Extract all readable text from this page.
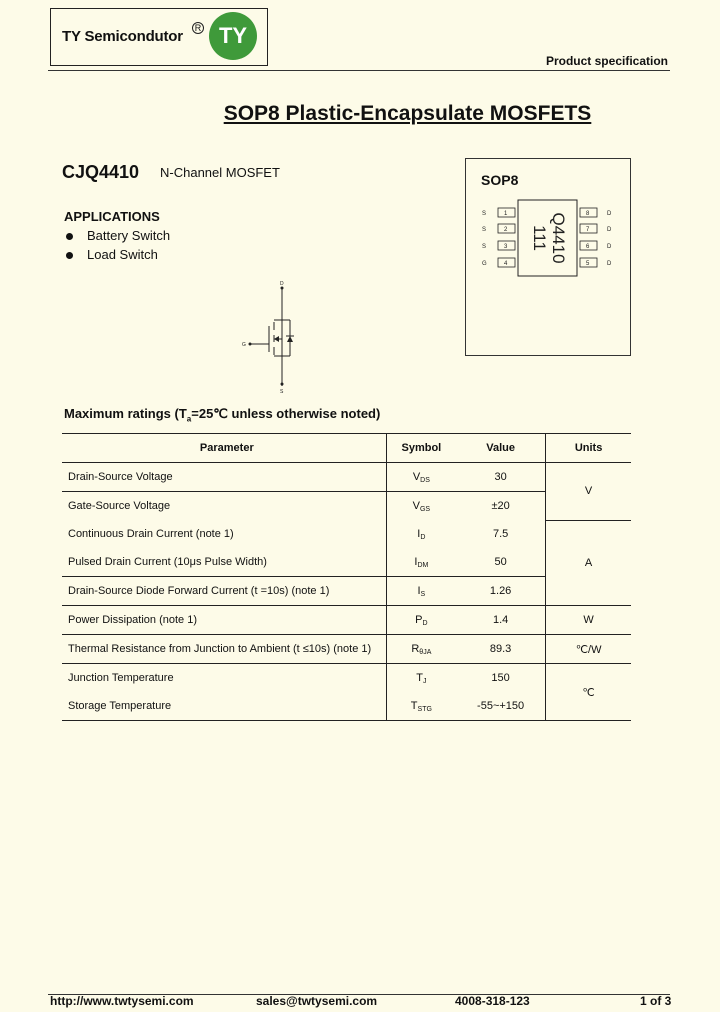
TY Semicondutor	R TY
Product specification
SOP8 Plastic-Encapsulate MOSFETS
CJQ4410 N-Channel MOSFET
APPLICATIONS
Battery Switch
Load Switch
D
S
G
SOP8
1
S
2
S
3
S
4
G
8	D
7	D
6	D
5	D
Q4410
111
Maximum ratings ($T_a=25℃$ unless otherwise noted)
Parameter	Symbol	Value	Units
Drain-Source Voltage	VDS	30	V
Gate-Source Voltage	VGS	±20	
Continuous Drain Current (note 1)	ID	7.5	A
Pulsed Drain Current (10μs Pulse Width)	IDM	50	
Drain-Source Diode Forward Current (t =10s) (note 1)	IS	1.26	
Power Dissipation (note 1)	PD	1.4	W
Thermal Resistance from Junction to Ambient (t ≤10s) (note 1)	RθJA	89.3	℃/W
Junction Temperature	TJ	150	℃
Storage Temperature	TSTG	-55~+150	
http://www.twtysemi.com	sales@twtysemi.com	4008-318-123	1 of 3
